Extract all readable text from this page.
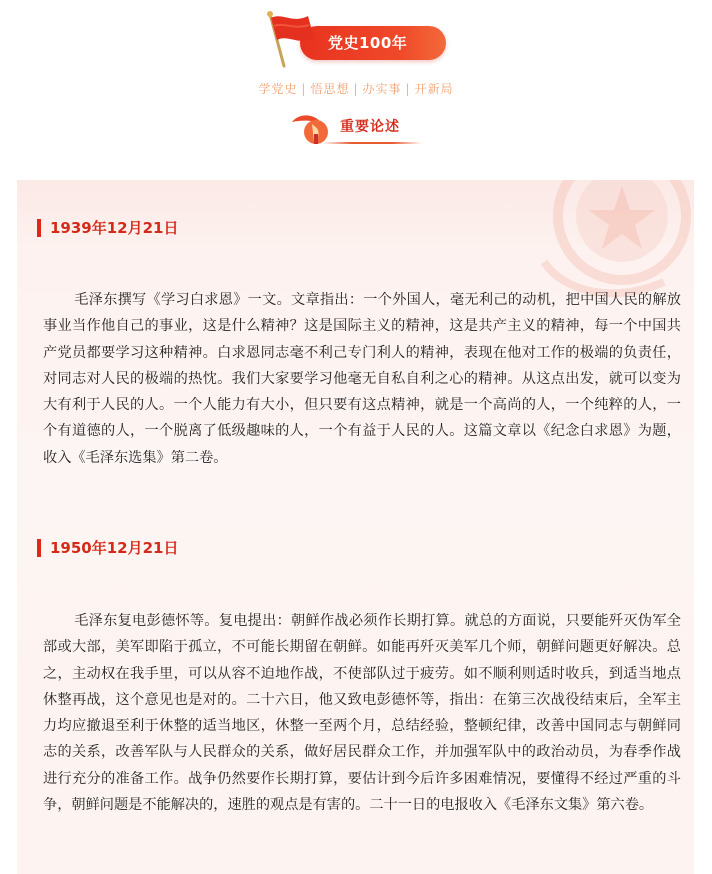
党史100年
学党史 | 悟思想 | 办实事 | 开新局
重要论述
1939年12月21日
毛泽东撰写《学习白求恩》一文。文章指出：一个外国人，毫无利己的动机，把中国人民的解放事业当作他自己的事业，这是什么精神？这是国际主义的精神，这是共产主义的精神，每一个中国共产党员都要学习这种精神。白求恩同志毫不利己专门利人的精神，表现在他对工作的极端的负责任，对同志对人民的极端的热忱。我们大家要学习他毫无自私自利之心的精神。从这点出发，就可以变为大有利于人民的人。一个人能力有大小，但只要有这点精神，就是一个高尚的人，一个纯粹的人，一个有道德的人，一个脱离了低级趣味的人，一个有益于人民的人。这篇文章以《纪念白求恩》为题，收入《毛泽东选集》第二卷。
1950年12月21日
毛泽东复电彭德怀等。复电提出：朝鲜作战必须作长期打算。就总的方面说，只要能歼灭伪军全部或大部，美军即陷于孤立，不可能长期留在朝鲜。如能再歼灭美军几个师，朝鲜问题更好解决。总之，主动权在我手里，可以从容不迫地作战，不使部队过于疲劳。如不顺利则适时收兵，到适当地点休整再战，这个意见也是对的。二十六日，他又致电彭德怀等，指出：在第三次战役结束后，全军主力均应撤退至利于休整的适当地区，休整一至两个月，总结经验，整顿纪律，改善中国同志与朝鲜同志的关系，改善军队与人民群众的关系，做好居民群众工作，并加强军队中的政治动员，为春季作战进行充分的准备工作。战争仍然要作长期打算，要估计到今后许多困难情况，要懂得不经过严重的斗争，朝鲜问题是不能解决的，速胜的观点是有害的。二十一日的电报收入《毛泽东文集》第六卷。
